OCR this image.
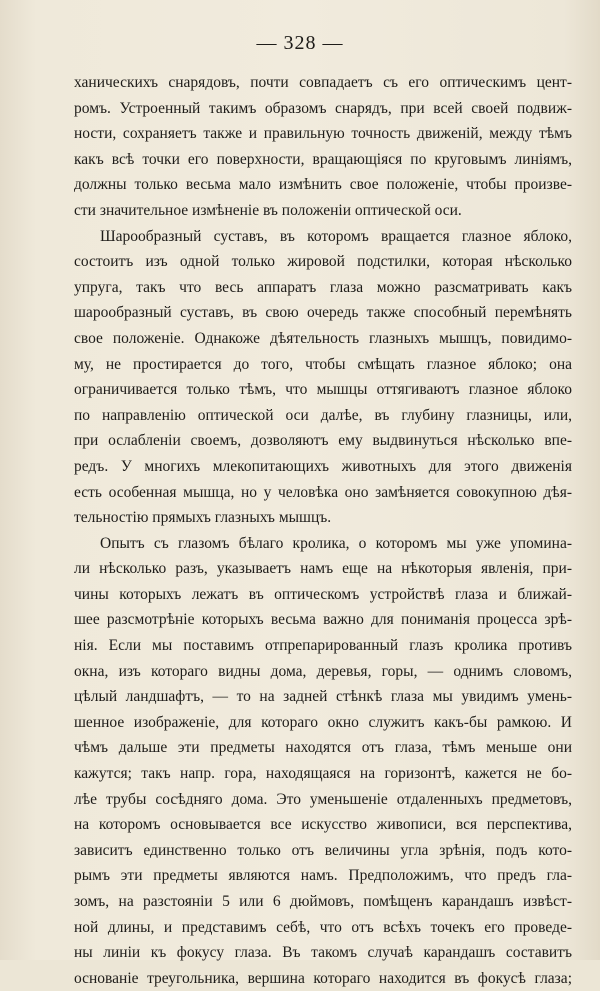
— 328 —
ханическихъ снарядовъ, почти совпадаетъ съ его оптическимъ цент-
ромъ. Устроенный такимъ образомъ снарядъ, при всей своей подвиж-
ности, сохраняетъ также и правильную точность движеній, между тѣмъ
какъ всѣ точки его поверхности, вращающіяся по круговымъ линіямъ,
должны только весьма мало измѣнить свое положеніе, чтобы произве-
сти значительное измѣненіе въ положеніи оптической оси.
Шарообразный суставъ, въ которомъ вращается глазное яблоко,
состоитъ изъ одной только жировой подстилки, которая нѣсколько
упруга, такъ что весь аппаратъ глаза можно разсматривать какъ
шарообразный суставъ, въ свою очередь также способный перемѣнять
свое положеніе. Однакоже дѣятельность глазныхъ мышцъ, повидимо-
му, не простирается до того, чтобы смѣщать глазное яблоко; она
ограничивается только тѣмъ, что мышцы оттягиваютъ глазное яблоко
по направленію оптической оси далѣе, въ глубину глазницы, или,
при ослабленіи своемъ, дозволяютъ ему выдвинуться нѣсколько впе-
редъ. У многихъ млекопитающихъ животныхъ для этого движенія
есть особенная мышца, но у человѣка оно замѣняется совокупною дѣя-
тельностію прямыхъ глазныхъ мышцъ.
Опытъ съ глазомъ бѣлаго кролика, о которомъ мы уже упомина-
ли нѣсколько разъ, указываетъ намъ еще на нѣкоторыя явленія, при-
чины которыхъ лежатъ въ оптическомъ устройствѣ глаза и ближай-
шее разсмотрѣніе которыхъ весьма важно для пониманія процесса зрѣ-
нія. Если мы поставимъ отпрепарированный глазъ кролика противъ
окна, изъ котораго видны дома, деревья, горы, — однимъ словомъ,
цѣлый ландшафтъ, — то на задней стѣнкѣ глаза мы увидимъ умень-
шенное изображеніе, для котораго окно служитъ какъ-бы рамкою. И
чѣмъ дальше эти предметы находятся отъ глаза, тѣмъ меньше они
кажутся; такъ напр. гора, находящаяся на горизонтѣ, кажется не бо-
лѣе трубы сосѣдняго дома. Это уменьшеніе отдаленныхъ предметовъ,
на которомъ основывается все искусство живописи, вся перспектива,
зависитъ единственно только отъ величины угла зрѣнія, подъ кото-
рымъ эти предметы являются намъ. Предположимъ, что предъ гла-
зомъ, на разстояніи 5 или 6 дюймовъ, помѣщенъ карандашъ извѣст-
ной длины, и представимъ себѣ, что отъ всѣхъ точекъ его проведе-
ны линіи къ фокусу глаза. Въ такомъ случаѣ карандашъ составитъ
основаніе треугольника, вершина котораго находится въ фокусѣ глаза;
